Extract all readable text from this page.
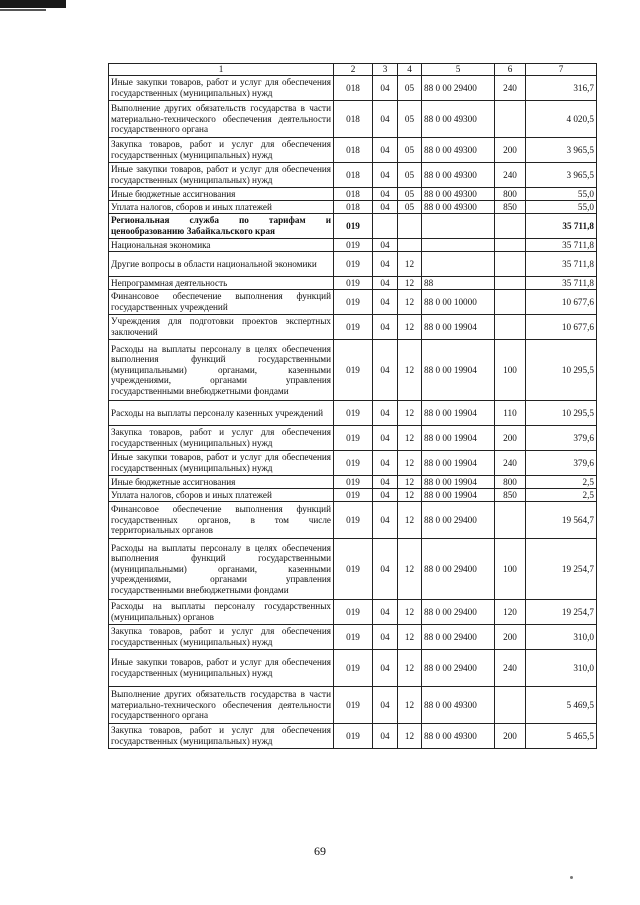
1	2	3	4	5	6	7
Иные закупки товаров, работ и услуг для обеспечения государственных (муниципальных) нужд	018	04	05	88 0 00 29400	240	316,7
Выполнение других обязательств государства в части материально-технического обеспечения деятельности государственного органа	018	04	05	88 0 00 49300		4 020,5
Закупка товаров, работ и услуг для обеспечения государственных (муниципальных) нужд	018	04	05	88 0 00 49300	200	3 965,5
Иные закупки товаров, работ и услуг для обеспечения государственных (муниципальных) нужд	018	04	05	88 0 00 49300	240	3 965,5
Иные бюджетные ассигнования	018	04	05	88 0 00 49300	800	55,0
Уплата налогов, сборов и иных платежей	018	04	05	88 0 00 49300	850	55,0
Региональная служба по тарифам и ценообразованию Забайкальского края	019					35 711,8
Национальная экономика	019	04				35 711,8
Другие вопросы в области национальной экономики	019	04	12			35 711,8
Непрограммная деятельность	019	04	12	88		35 711,8
Финансовое обеспечение выполнения функций государственных учреждений	019	04	12	88 0 00 10000		10 677,6
Учреждения для подготовки проектов экспертных заключений	019	04	12	88 0 00 19904		10 677,6
Расходы на выплаты персоналу в целях обеспечения выполнения функций государственными (муниципальными) органами, казенными учреждениями, органами управления государственными внебюджетными фондами	019	04	12	88 0 00 19904	100	10 295,5
Расходы на выплаты персоналу казенных учреждений	019	04	12	88 0 00 19904	110	10 295,5
Закупка товаров, работ и услуг для обеспечения государственных (муниципальных) нужд	019	04	12	88 0 00 19904	200	379,6
Иные закупки товаров, работ и услуг для обеспечения государственных (муниципальных) нужд	019	04	12	88 0 00 19904	240	379,6
Иные бюджетные ассигнования	019	04	12	88 0 00 19904	800	2,5
Уплата налогов, сборов и иных платежей	019	04	12	88 0 00 19904	850	2,5
Финансовое обеспечение выполнения функций государственных органов, в том числе территориальных органов	019	04	12	88 0 00 29400		19 564,7
Расходы на выплаты персоналу в целях обеспечения выполнения функций государственными (муниципальными) органами, казенными учреждениями, органами управления государственными внебюджетными фондами	019	04	12	88 0 00 29400	100	19 254,7
Расходы на выплаты персоналу государственных (муниципальных) органов	019	04	12	88 0 00 29400	120	19 254,7
Закупка товаров, работ и услуг для обеспечения государственных (муниципальных) нужд	019	04	12	88 0 00 29400	200	310,0
Иные закупки товаров, работ и услуг для обеспечения государственных (муниципальных) нужд	019	04	12	88 0 00 29400	240	310,0
Выполнение других обязательств государства в части материально-технического обеспечения деятельности государственного органа	019	04	12	88 0 00 49300		5 469,5
Закупка товаров, работ и услуг для обеспечения государственных (муниципальных) нужд	019	04	12	88 0 00 49300	200	5 465,5
69
